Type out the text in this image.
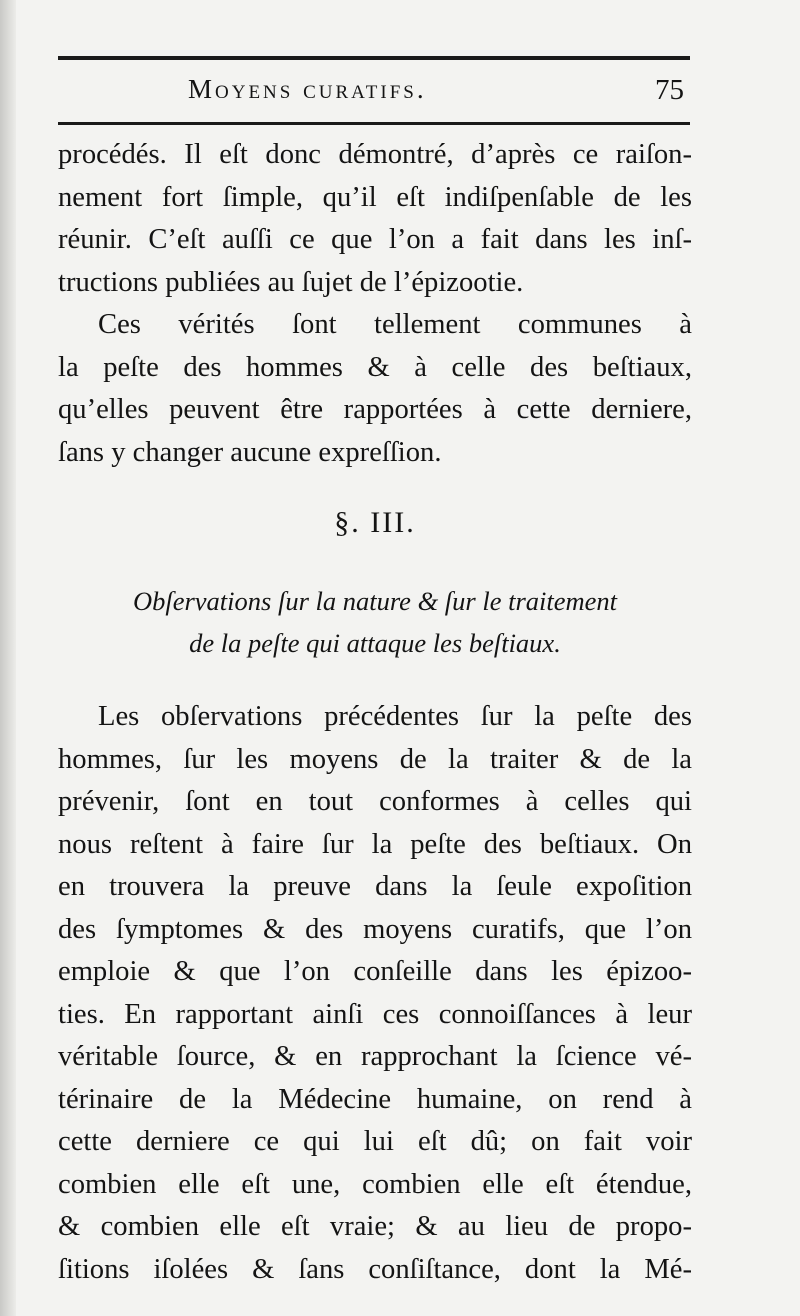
Moyens curatifs.	75
procédés. Il eſt donc démontré, d’après ce raiſon-
nement fort ſimple, qu’il eſt indiſpenſable de les
réunir. C’eſt auſſi ce que l’on a fait dans les inſ-
tructions publiées au ſujet de l’épizootie.
Ces vérités ſont tellement communes à
la peſte des hommes & à celle des beſtiaux,
qu’elles peuvent être rapportées à cette derniere,
ſans y changer aucune expreſſion.
§. III.
Obſervations ſur la nature & ſur le traitement
de la peſte qui attaque les beſtiaux.
Les obſervations précédentes ſur la peſte des
hommes, ſur les moyens de la traiter & de la
prévenir, ſont en tout conformes à celles qui
nous reſtent à faire ſur la peſte des beſtiaux. On
en trouvera la preuve dans la ſeule expoſition
des ſymptomes & des moyens curatifs, que l’on
emploie & que l’on conſeille dans les épizoo-
ties. En rapportant ainſi ces connoiſſances à leur
véritable ſource, & en rapprochant la ſcience vé-
térinaire de la Médecine humaine, on rend à
cette derniere ce qui lui eſt dû; on fait voir
combien elle eſt une, combien elle eſt étendue,
& combien elle eſt vraie; & au lieu de propo-
ſitions iſolées & ſans conſiſtance, dont la Mé-
